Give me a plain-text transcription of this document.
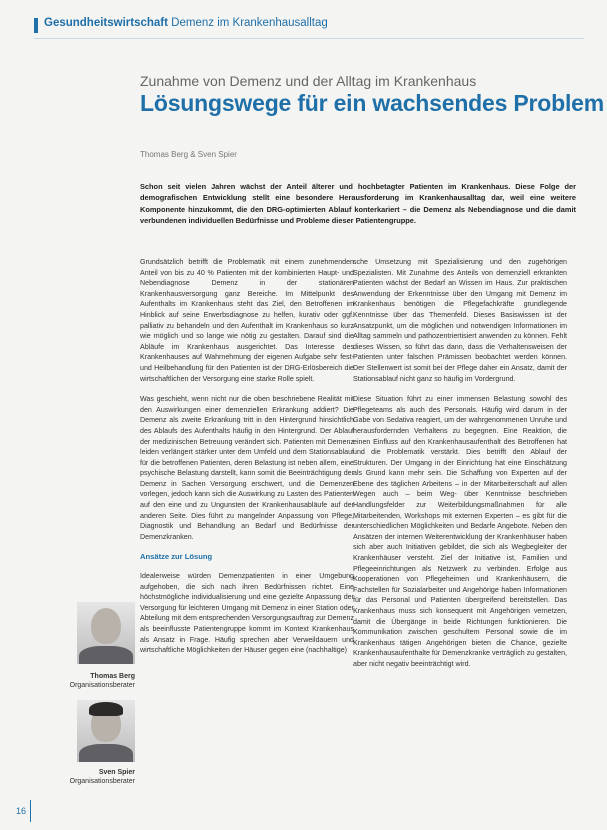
Gesundheitswirtschaft Demenz im Krankenhausalltag
Zunahme von Demenz und der Alltag im Krankenhaus
Lösungswege für ein wachsendes Problem
Thomas Berg & Sven Spier
Schon seit vielen Jahren wächst der Anteil älterer und hochbetagter Patienten im Krankenhaus. Diese Folge der demografischen Entwicklung stellt eine besondere Herausforderung im Krankenhausalltag dar, weil eine weitere Komponente hinzukommt, die den DRG-optimierten Ablauf konterkariert – die Demenz als Nebendiagnose und die damit verbundenen individuellen Bedürfnisse und Probleme dieser Patientengruppe.

Grundsätzlich betrifft die Problematik mit einem zunehmenden Anteil von bis zu 40 % Patienten mit der kombinierten Haupt- und Nebendiagnose Demenz in der stationären Krankenhausversorgung ganz Bereiche. Im Mittelpunkt des Aufenthalts im Krankenhaus steht das Ziel, den Betroffenen im Hinblick auf seine Erwerbsdiagnose zu helfen, kurativ oder ggf. palliativ zu behandeln und den Aufenthalt im Krankenhaus so kurz wie möglich und so lange wie nötig zu gestalten. Darauf sind die Abläufe im Krankenhaus ausgerichtet. Das Interesse des Krankenhauses auf Wahrnehmung der eigenen Aufgabe sehr fest- und Heilbehandlung für den Patienten ist der DRG-Erlösbereich die wirtschaftlichen der Versorgung eine starke Rolle spielt.

Was geschieht, wenn nicht nur die oben beschriebene Realität mit den Auswirkungen einer demenziellen Erkrankung addiert? Die Demenz als zweite Erkrankung tritt in den Hintergrund hinsichtlich des Ablaufs des Aufenthalts häufig in den Hintergrund. Der Ablauf der medizinischen Betreuung verändert sich. Patienten mit Demenz leiden verlängert stärker unter dem Umfeld und dem Stationsablauf für die betroffenen Patienten, deren Belastung ist neben allem, eine psychische Belastung darstellt, kann somit die Beeinträchtigung der Demenz in Sachen Versorgung erschwert, und die Demenzen vorlegen, jedoch kann sich die Auswirkung zu Lasten des Patienten auf den eine und zu Ungunsten der Krankenhausabläufe auf der anderen Seite. Dies führt zu mangelnder Anpassung von Pflege, Diagnostik und Behandlung an Bedarf und Bedürfnisse der Demenzkranken.

Ansätze zur Lösung

Idealerweise würden Demenzpatienten in einer Umgebung aufgehoben, die sich nach ihren Bedürfnissen richtet. Eine höchstmögliche individualisierung und eine gezielte Anpassung der Versorgung für leichteren Umgang mit Demenz in einer Station oder Abteilung mit dem entsprechenden Versorgungsauftrag zur Demenz als beeinflusste Patientengruppe kommt im Kontext Krankenhaus als Ansatz in Frage. Häufig sprechen aber Verweildauern und wirtschaftliche Möglichkeiten der Häuser gegen eine (nachhaltige)

sche Umsetzung mit Spezialisierung und den zugehörigen Spezialisten. Mit Zunahme des Anteils von demenziell erkrankten Patienten wächst der Bedarf an Wissen im Haus. Zur praktischen Anwendung der Erkenntnisse über den Umgang mit Demenz im Krankenhaus benötigen die Pflegefachkräfte grundlegende Kenntnisse über das Themenfeld. Dieses Basiswissen ist der Ansatzpunkt, um die möglichen und notwendigen Informationen im Alltag sammeln und pathozentriertisiert anwenden zu können. Fehlt dieses Wissen, so führt das dann, dass die Verhaltensweisen der Patienten unter falschen Prämissen beobachtet werden können. Der Stellenwert ist somit bei der Pflege daher ein Ansatz, damit der Stationsablauf nicht ganz so häufig im Vordergrund.

Diese Situation führt zu einer immensen Belastung sowohl des Pflegeteams als auch des Personals. Häufig wird darum in der Gabe von Sedativa reagiert, um der wahrgenommenen Unruhe und herausfordernden Verhaltens zu begegnen. Eine Reaktion, die einen Einfluss auf den Krankenhausaufenthalt des Betroffenen hat und die Problematik verstärkt. Dies betrifft den Ablauf der Strukturen. Der Umgang in der Einrichtung hat eine Einschätzung als Grund kann mehr sein. Die Schaffung von Experten auf der Ebene des täglichen Arbeitens – in der Mitarbeiterschaft auf allen Wegen auch – beim Weg- über Kenntnisse beschrieben Handlungsfelder zur Weiterbildungsmaßnahmen für alle Mitarbeitenden, Workshops mit externen Experten – es gibt für die unterschiedlichen Möglichkeiten und Bedarfe Angebote. Neben den Ansätzen der internen Weiterentwicklung der Krankenhäuser haben sich aber auch Initiativen gebildet, die sich als Wegbegleiter der Krankenhäuser versteht. Ziel der Initiative ist, Familien und Pflegeeinrichtungen als Netzwerk zu verbinden. Erfolge aus Kooperationen von Pflegeheimen und Krankenhäusern, die Fachstellen für Sozialarbeiter und Angehörige haben Informationen für das Personal und Patienten übergreifend bereitstellen. Das Krankenhaus muss sich konsequent mit Angehörigen vernetzen, damit die Übergänge in beide Richtungen funktionieren. Die Kommunikation zwischen geschultem Personal sowie die im Krankenhaus tätigen Angehörigen bieten die Chance, gezielte Krankenhausaufenthalte für Demenzkranke verträglich zu gestalten, aber nicht negativ beeinträchtigt wird.

Thomas Berg
Organisationsberater
Sven Spier
Organisationsberater
16
